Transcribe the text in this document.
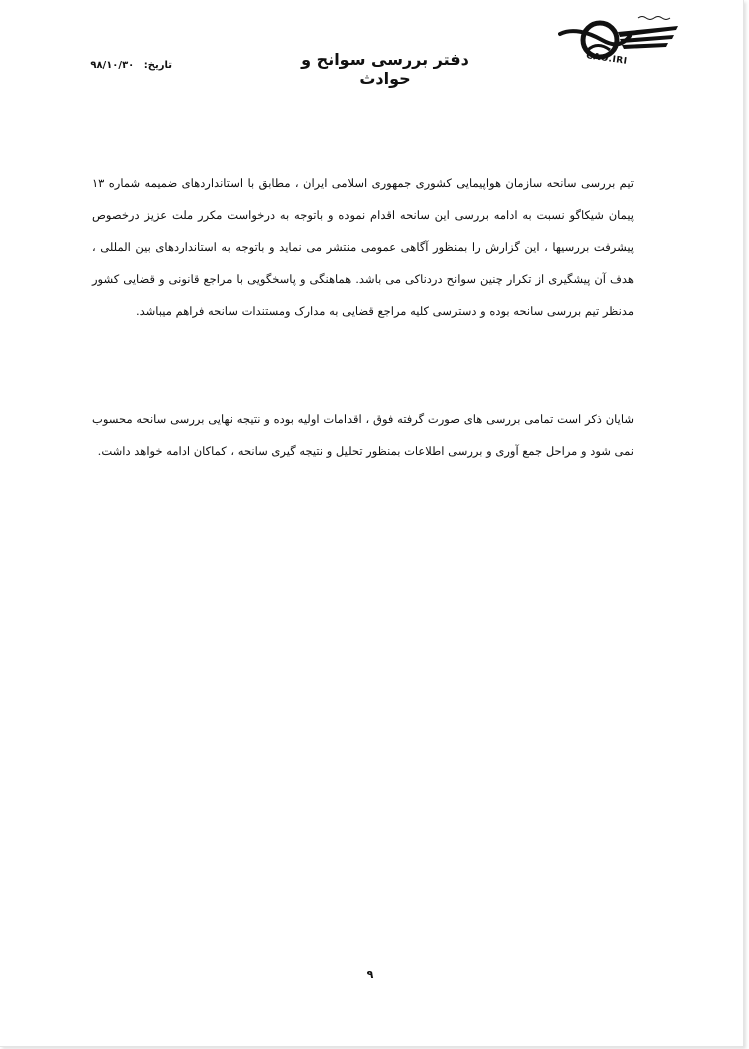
CAO.IRI
دفتر بررسی سوانح و حوادث
تاریخ: ۹۸/۱۰/۳۰

تیم بررسی سانحه سازمان هواپیمایی کشوری جمهوری اسلامی ایران ، مطابق با استانداردهای ضمیمه شماره ۱۳ پیمان شیکاگو نسبت به ادامه بررسی این سانحه اقدام نموده و باتوجه به درخواست مکرر ملت عزیز درخصوص پیشرفت بررسیها ، این گزارش را بمنظور آگاهی عمومی منتشر می نماید و باتوجه به استانداردهای بین المللی ، هدف آن پیشگیری از تکرار چنین سوانح دردناکی می باشد. هماهنگی و پاسخگویی با مراجع قانونی و قضایی کشور مدنظر تیم بررسی سانحه بوده و دسترسی کلیه مراجع قضایی به مدارک ومستندات سانحه فراهم میباشد.

شایان ذکر است تمامی بررسی های صورت گرفته فوق ، اقدامات اولیه بوده و نتیجه نهایی بررسی سانحه محسوب نمی شود و مراحل جمع آوری و بررسی اطلاعات بمنظور تحلیل و نتیجه گیری سانحه ، کماکان ادامه خواهد داشت.

۹
